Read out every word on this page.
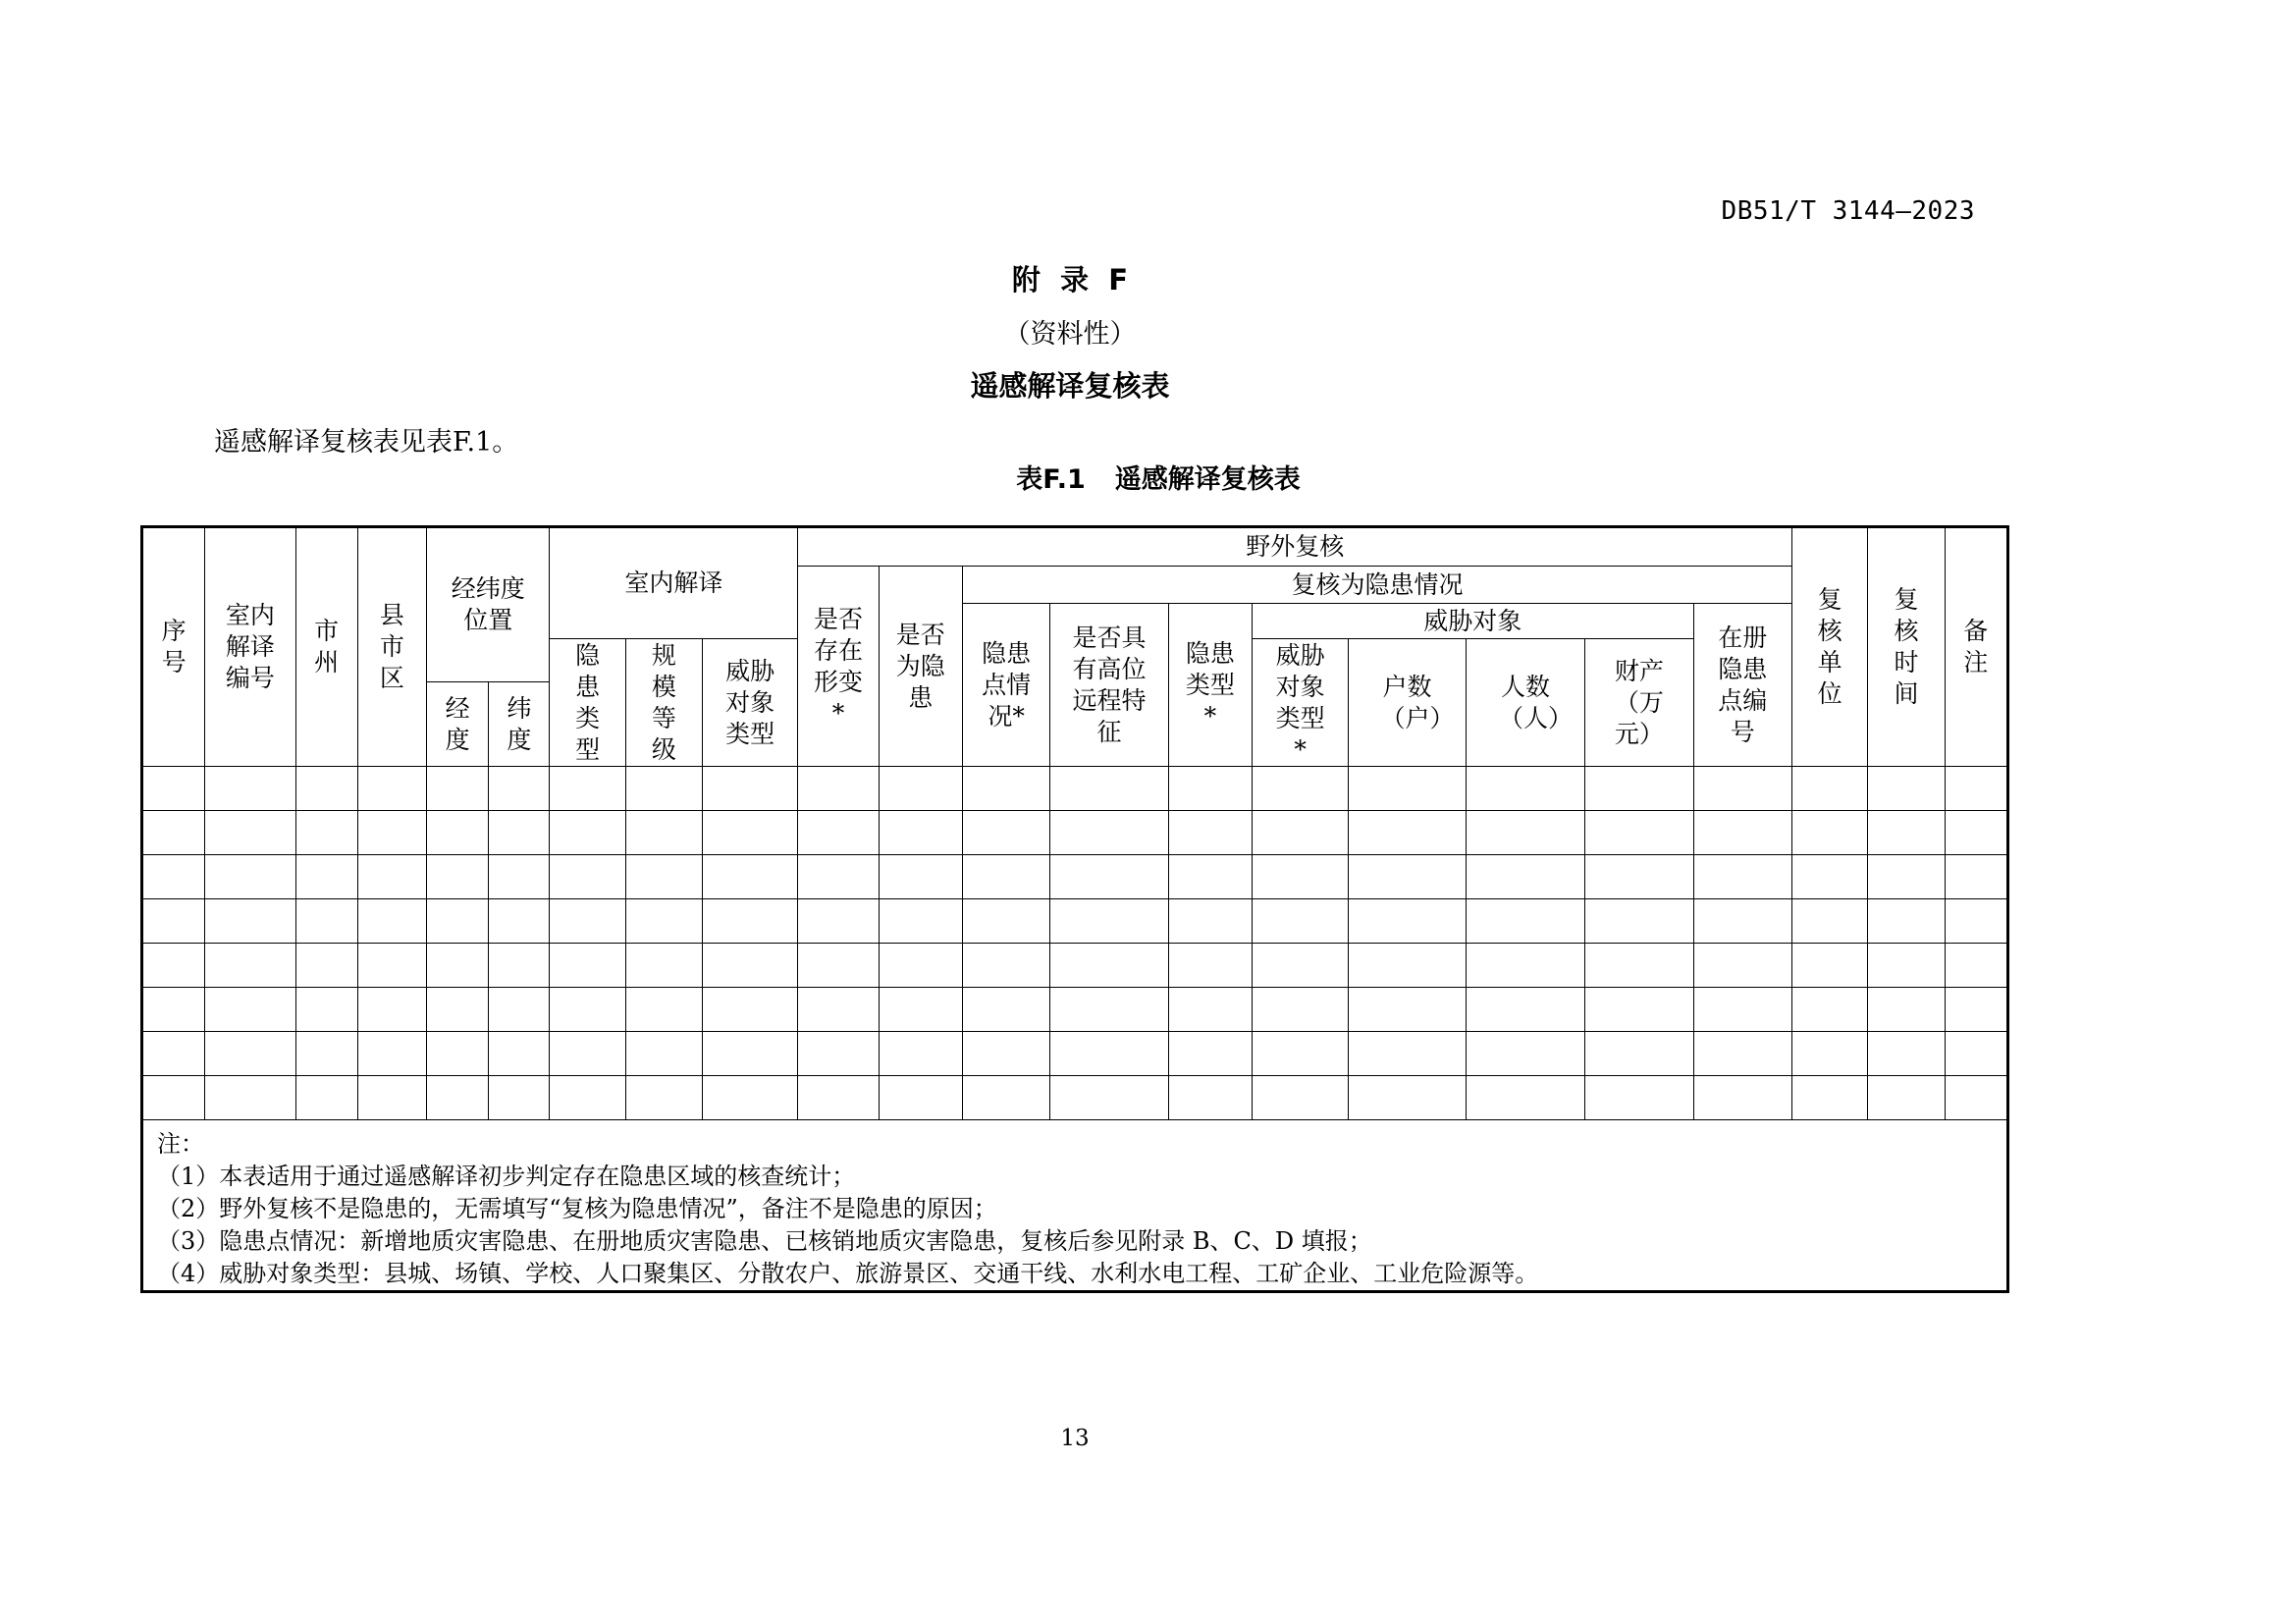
DB51/T 3144—2023
附  录  F
（资料性）
遥感解译复核表
遥感解译复核表见表F.1。
表F.1 遥感解译复核表
序号	室内解译编号	市州	县市区	经纬度位置		室内解译			野外复核										复核单位	复核时间	备注
									是否存在形变*	是否为隐患	复核为隐患情况										
											隐患点情况*	是否具有高位远程特征	隐患类型*	威胁对象				在册隐患点编号			
						隐患类型	规模等级	威胁对象类型						威胁对象类型*	户数（户）	人数（人）	财产（万元）				
				经度	纬度																

注：
（1）本表适用于通过遥感解译初步判定存在隐患区域的核查统计；
（2）野外复核不是隐患的，无需填写“复核为隐患情况”，备注不是隐患的原因；
（3）隐患点情况：新增地质灾害隐患、在册地质灾害隐患、已核销地质灾害隐患，复核后参见附录 B、C、D 填报；
（4）威胁对象类型：县城、场镇、学校、人口聚集区、分散农户、旅游景区、交通干线、水利水电工程、工矿企业、工业危险源等。																					
13
